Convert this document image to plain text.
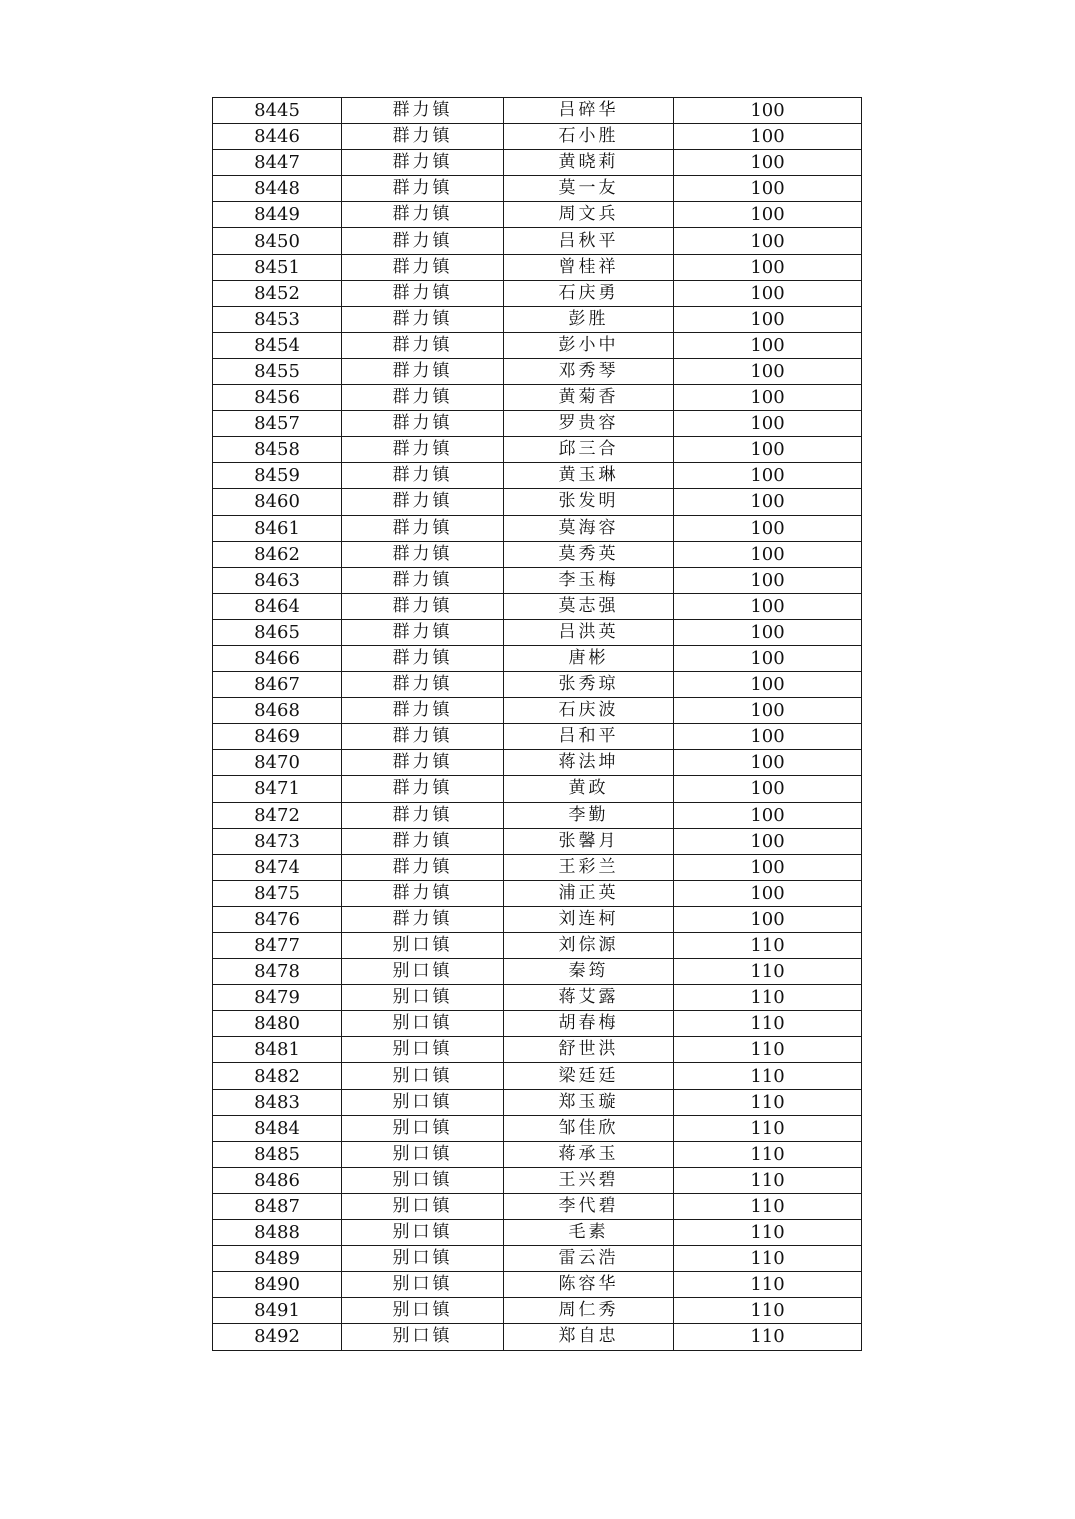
8445	群力镇	吕碎华	100
8446	群力镇	石小胜	100
8447	群力镇	黄晓莉	100
8448	群力镇	莫一友	100
8449	群力镇	周文兵	100
8450	群力镇	吕秋平	100
8451	群力镇	曾桂祥	100
8452	群力镇	石庆勇	100
8453	群力镇	彭胜	100
8454	群力镇	彭小中	100
8455	群力镇	邓秀琴	100
8456	群力镇	黄菊香	100
8457	群力镇	罗贵容	100
8458	群力镇	邱三合	100
8459	群力镇	黄玉琳	100
8460	群力镇	张发明	100
8461	群力镇	莫海容	100
8462	群力镇	莫秀英	100
8463	群力镇	李玉梅	100
8464	群力镇	莫志强	100
8465	群力镇	吕洪英	100
8466	群力镇	唐彬	100
8467	群力镇	张秀琼	100
8468	群力镇	石庆波	100
8469	群力镇	吕和平	100
8470	群力镇	蒋法坤	100
8471	群力镇	黄政	100
8472	群力镇	李勤	100
8473	群力镇	张馨月	100
8474	群力镇	王彩兰	100
8475	群力镇	浦正英	100
8476	群力镇	刘连柯	100
8477	别口镇	刘倧源	110
8478	别口镇	秦筠	110
8479	别口镇	蒋艾露	110
8480	别口镇	胡春梅	110
8481	别口镇	舒世洪	110
8482	别口镇	梁廷廷	110
8483	别口镇	郑玉璇	110
8484	别口镇	邹佳欣	110
8485	别口镇	蒋承玉	110
8486	别口镇	王兴碧	110
8487	别口镇	李代碧	110
8488	别口镇	毛素	110
8489	别口镇	雷云浩	110
8490	别口镇	陈容华	110
8491	别口镇	周仁秀	110
8492	别口镇	郑自忠	110
